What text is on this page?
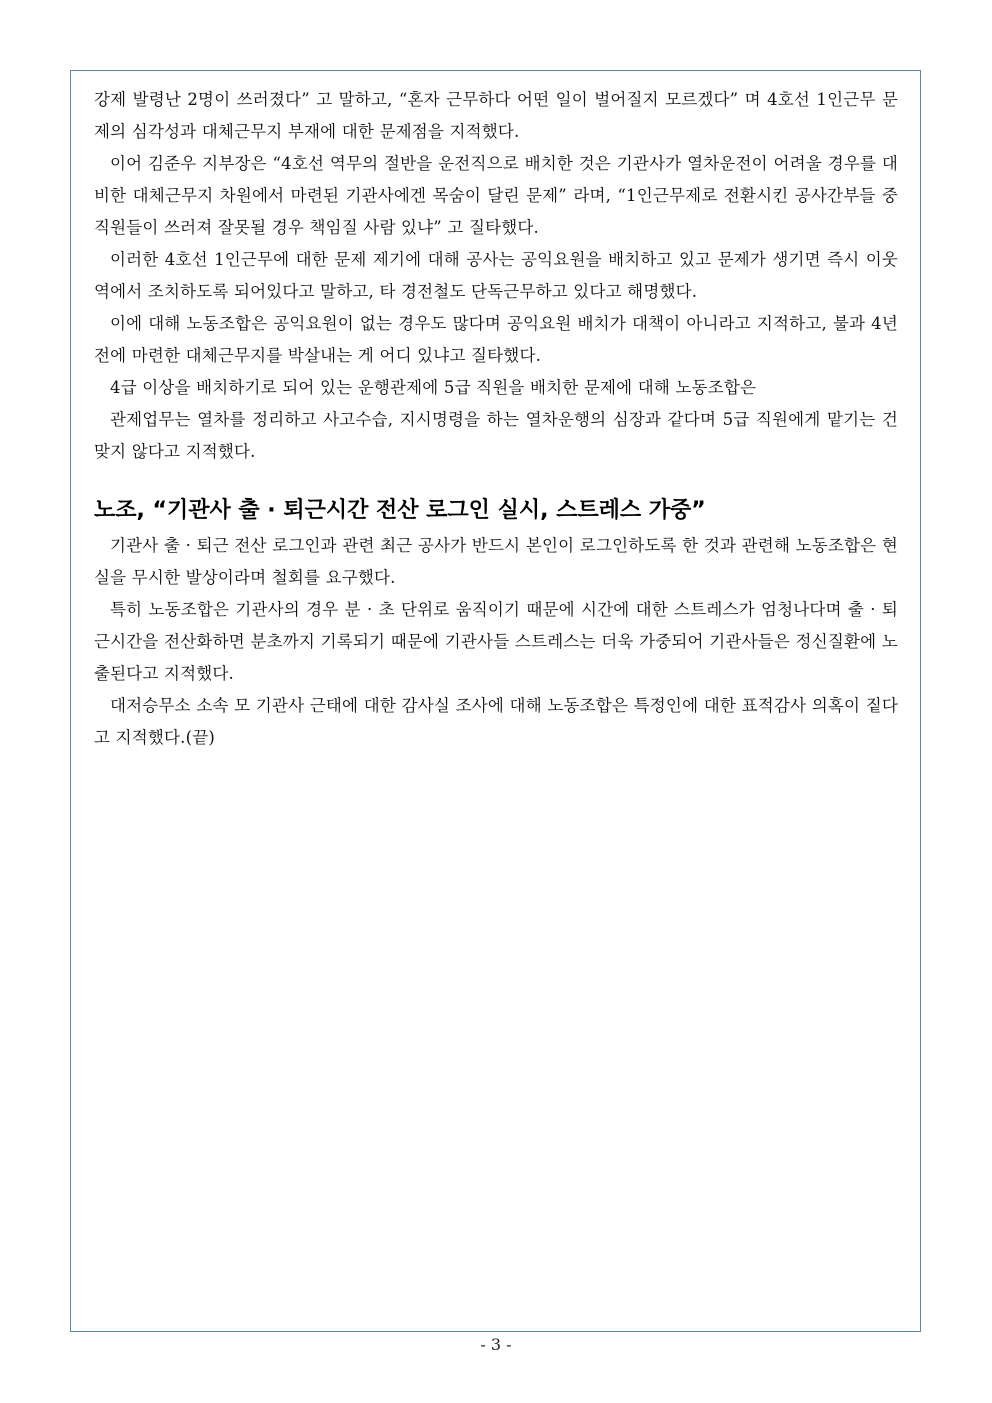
강제 발령난 2명이 쓰러졌다” 고 말하고, “혼자 근무하다 어떤 일이 벌어질지 모르겠다” 며 4호선 1인근무 문제의 심각성과 대체근무지 부재에 대한 문제점을 지적했다.

이어 김준우 지부장은 “4호선 역무의 절반을 운전직으로 배치한 것은 기관사가 열차운전이 어려울 경우를 대비한 대체근무지 차원에서 마련된 기관사에겐 목숨이 달린 문제” 라며, “1인근무제로 전환시킨 공사간부들 중 직원들이 쓰러져 잘못될 경우 책임질 사람 있냐” 고 질타했다.

이러한 4호선 1인근무에 대한 문제 제기에 대해 공사는 공익요원을 배치하고 있고 문제가 생기면 즉시 이웃역에서 조치하도록 되어있다고 말하고, 타 경전철도 단독근무하고 있다고 해명했다.

이에 대해 노동조합은 공익요원이 없는 경우도 많다며 공익요원 배치가 대책이 아니라고 지적하고, 불과 4년 전에 마련한 대체근무지를 박살내는 게 어디 있냐고 질타했다.

4급 이상을 배치하기로 되어 있는 운행관제에 5급 직원을 배치한 문제에 대해 노동조합은

관제업무는 열차를 정리하고 사고수습, 지시명령을 하는 열차운행의 심장과 같다며 5급 직원에게 맡기는 건 맞지 않다고 지적했다.

노조, “기관사 출 · 퇴근시간 전산 로그인 실시, 스트레스 가중”

기관사 출 · 퇴근 전산 로그인과 관련 최근 공사가 반드시 본인이 로그인하도록 한 것과 관련해 노동조합은 현실을 무시한 발상이라며 철회를 요구했다.

특히 노동조합은 기관사의 경우 분 · 초 단위로 움직이기 때문에 시간에 대한 스트레스가 엄청나다며 출 · 퇴근시간을 전산화하면 분초까지 기록되기 때문에 기관사들 스트레스는 더욱 가중되어 기관사들은 정신질환에 노출된다고 지적했다.

대저승무소 소속 모 기관사 근태에 대한 감사실 조사에 대해 노동조합은 특정인에 대한 표적감사 의혹이 짙다고 지적했다.(끝)

- 3 -
